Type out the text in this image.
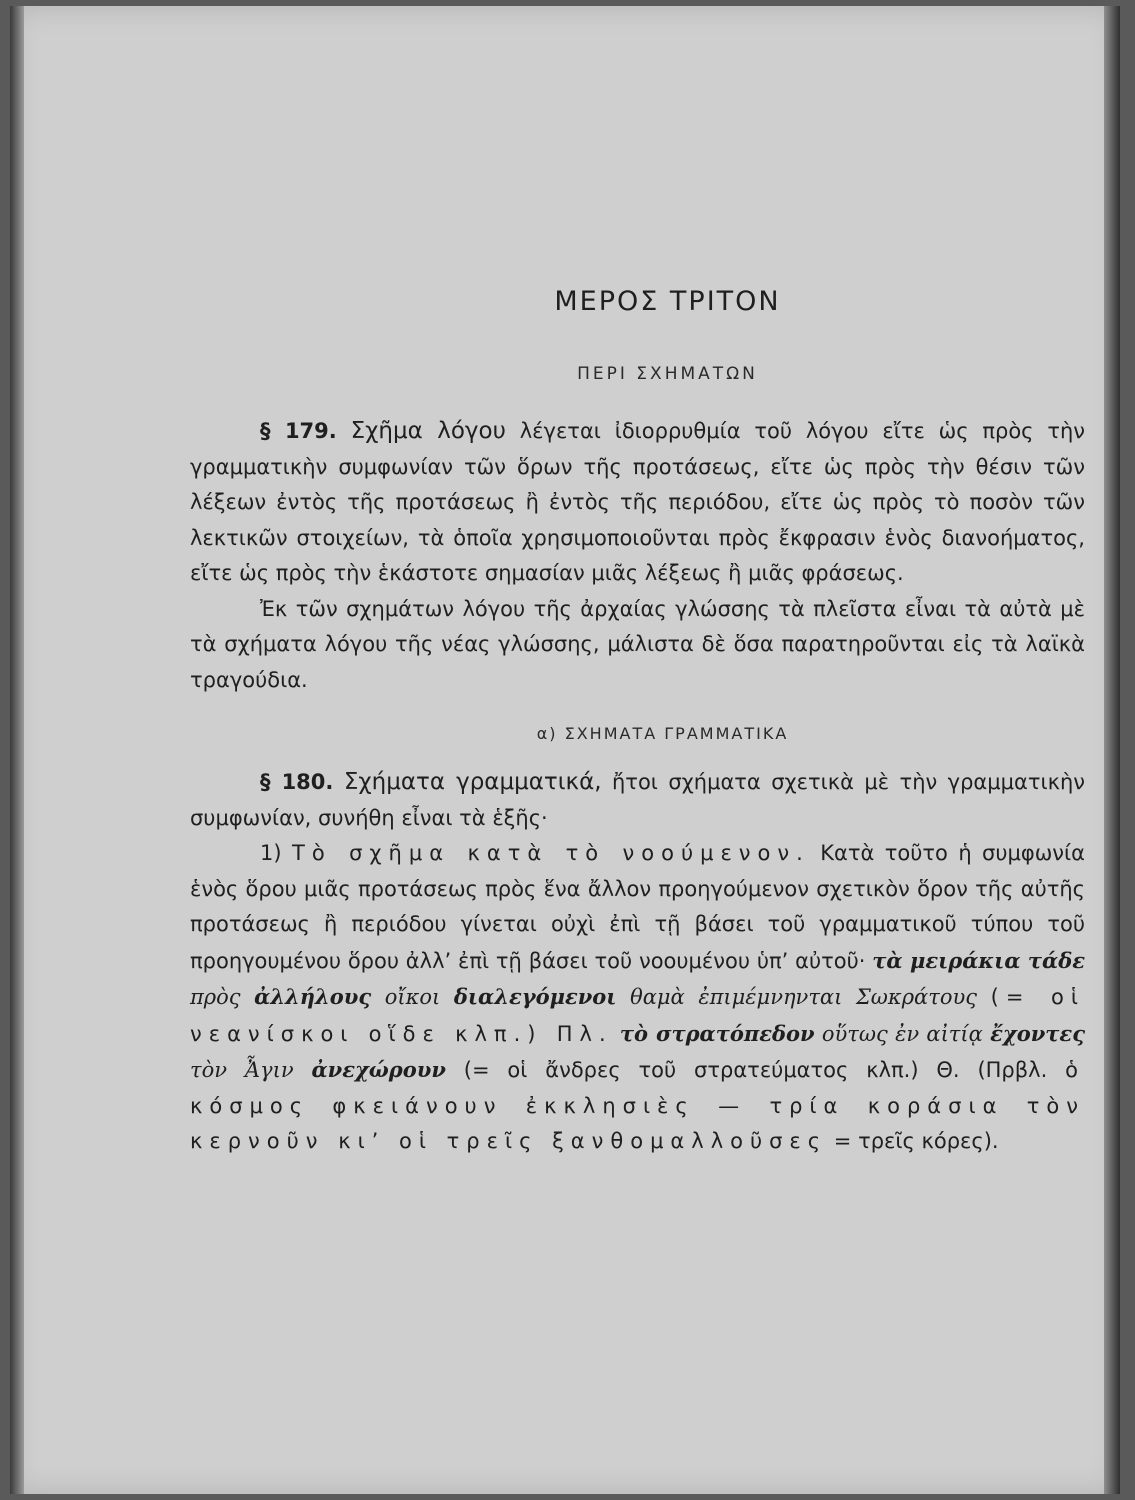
ΜΕΡΟΣ ΤΡΙΤΟΝ
ΠΕΡΙ ΣΧΗΜΑΤΩΝ

§ 179. Σχῆμα λόγου λέγεται ἰδιορρυθμία τοῦ λόγου εἴτε ὡς πρὸς τὴν γραμματικὴν συμφωνίαν τῶν ὅρων τῆς προτάσεως, εἴτε ὡς πρὸς τὴν θέσιν τῶν λέξεων ἐντὸς τῆς προτάσεως ἢ ἐντὸς τῆς περιόδου, εἴτε ὡς πρὸς τὸ ποσὸν τῶν λεκτικῶν στοιχείων, τὰ ὁποῖα χρησιμοποιοῦνται πρὸς ἔκφρασιν ἑνὸς διανοήματος, εἴτε ὡς πρὸς τὴν ἑκάστοτε σημασίαν μιᾶς λέξεως ἢ μιᾶς φράσεως.

Ἐκ τῶν σχημάτων λόγου τῆς ἀρχαίας γλώσσης τὰ πλεῖστα εἶναι τὰ αὐτὰ μὲ τὰ σχήματα λόγου τῆς νέας γλώσσης, μάλιστα δὲ ὅσα παρατηροῦνται εἰς τὰ λαϊκὰ τραγούδια.

α) ΣΧΗΜΑΤΑ ΓΡΑΜΜΑΤΙΚΑ

§ 180. Σχήματα γραμματικά, ἤτοι σχήματα σχετικὰ μὲ τὴν γραμματικὴν συμφωνίαν, συνήθη εἶναι τὰ ἑξῆς·

1) Τὸ σχῆμα κατὰ τὸ νοούμενον. Κατὰ τοῦτο ἡ συμφωνία ἑνὸς ὅρου μιᾶς προτάσεως πρὸς ἕνα ἄλλον προηγούμενον σχετικὸν ὅρον τῆς αὐτῆς προτάσεως ἢ περιόδου γίνεται οὐχὶ ἐπὶ τῇ βάσει τοῦ γραμματικοῦ τύπου τοῦ προηγουμένου ὅρου ἀλλ’ ἐπὶ τῇ βάσει τοῦ νοουμένου ὑπ’ αὐτοῦ· τὰ μειράκια τάδε πρὸς ἀλλήλους οἴκοι διαλεγόμενοι θαμὰ ἐπιμέμνηνται Σωκράτους (= οἱ νεανίσκοι οἵδε κλπ.) Πλ. τὸ στρατόπεδον οὕτως ἐν αἰτίᾳ ἔχοντες τὸν Ἆγιν ἀνεχώρουν (= οἱ ἄνδρες τοῦ στρατεύματος κλπ.) Θ. (Πρβλ. ὁ κόσμος φκειάνουν ἐκκλησιὲς — τρία κοράσια τὸν κερνοῦν κι’ οἱ τρεῖς ξανθομαλλοῦσες = τρεῖς κόρες).
